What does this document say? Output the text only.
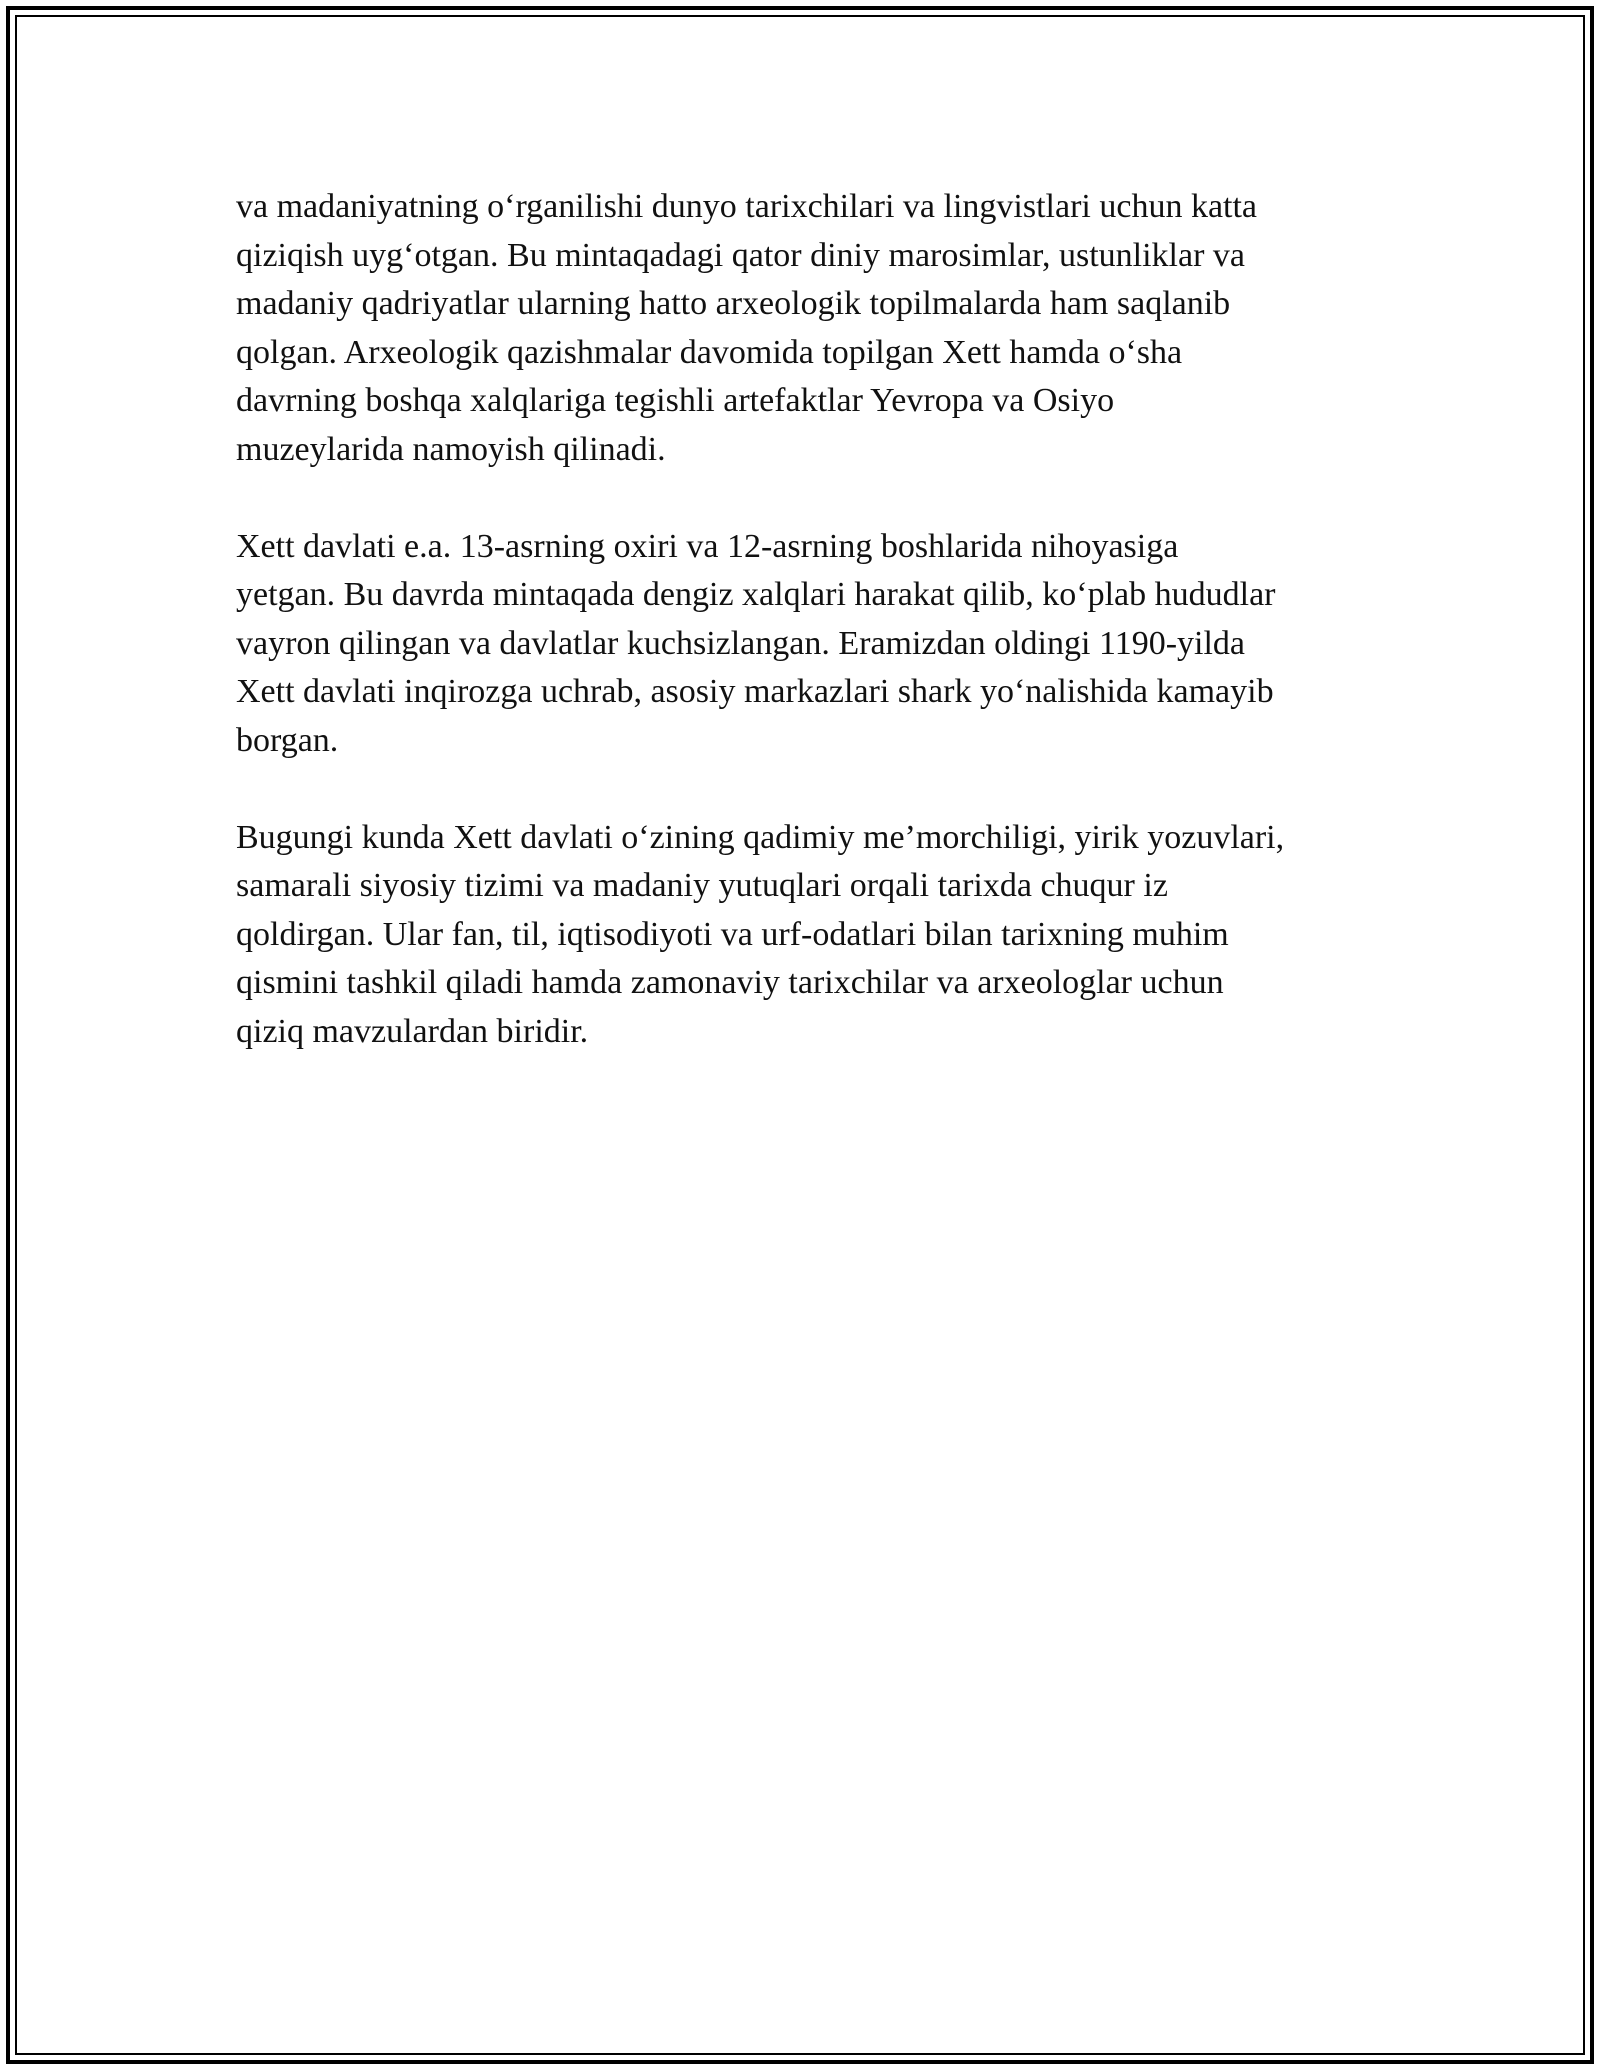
va madaniyatning o‘rganilishi dunyo tarixchilari va lingvistlari uchun katta
qiziqish uyg‘otgan. Bu mintaqadagi qator diniy marosimlar, ustunliklar va
madaniy qadriyatlar ularning hatto arxeologik topilmalarda ham saqlanib
qolgan. Arxeologik qazishmalar davomida topilgan Xett hamda o‘sha
davrning boshqa xalqlariga tegishli artefaktlar Yevropa va Osiyo
muzeylarida namoyish qilinadi.

Xett davlati e.a. 13-asrning oxiri va 12-asrning boshlarida nihoyasiga
yetgan. Bu davrda mintaqada dengiz xalqlari harakat qilib, ko‘plab hududlar
vayron qilingan va davlatlar kuchsizlangan. Eramizdan oldingi 1190-yilda
Xett davlati inqirozga uchrab, asosiy markazlari shark yo‘nalishida kamayib
borgan.

Bugungi kunda Xett davlati o‘zining qadimiy me’morchiligi, yirik yozuvlari,
samarali siyosiy tizimi va madaniy yutuqlari orqali tarixda chuqur iz
qoldirgan. Ular fan, til, iqtisodiyoti va urf-odatlari bilan tarixning muhim
qismini tashkil qiladi hamda zamonaviy tarixchilar va arxeologlar uchun
qiziq mavzulardan biridir.
